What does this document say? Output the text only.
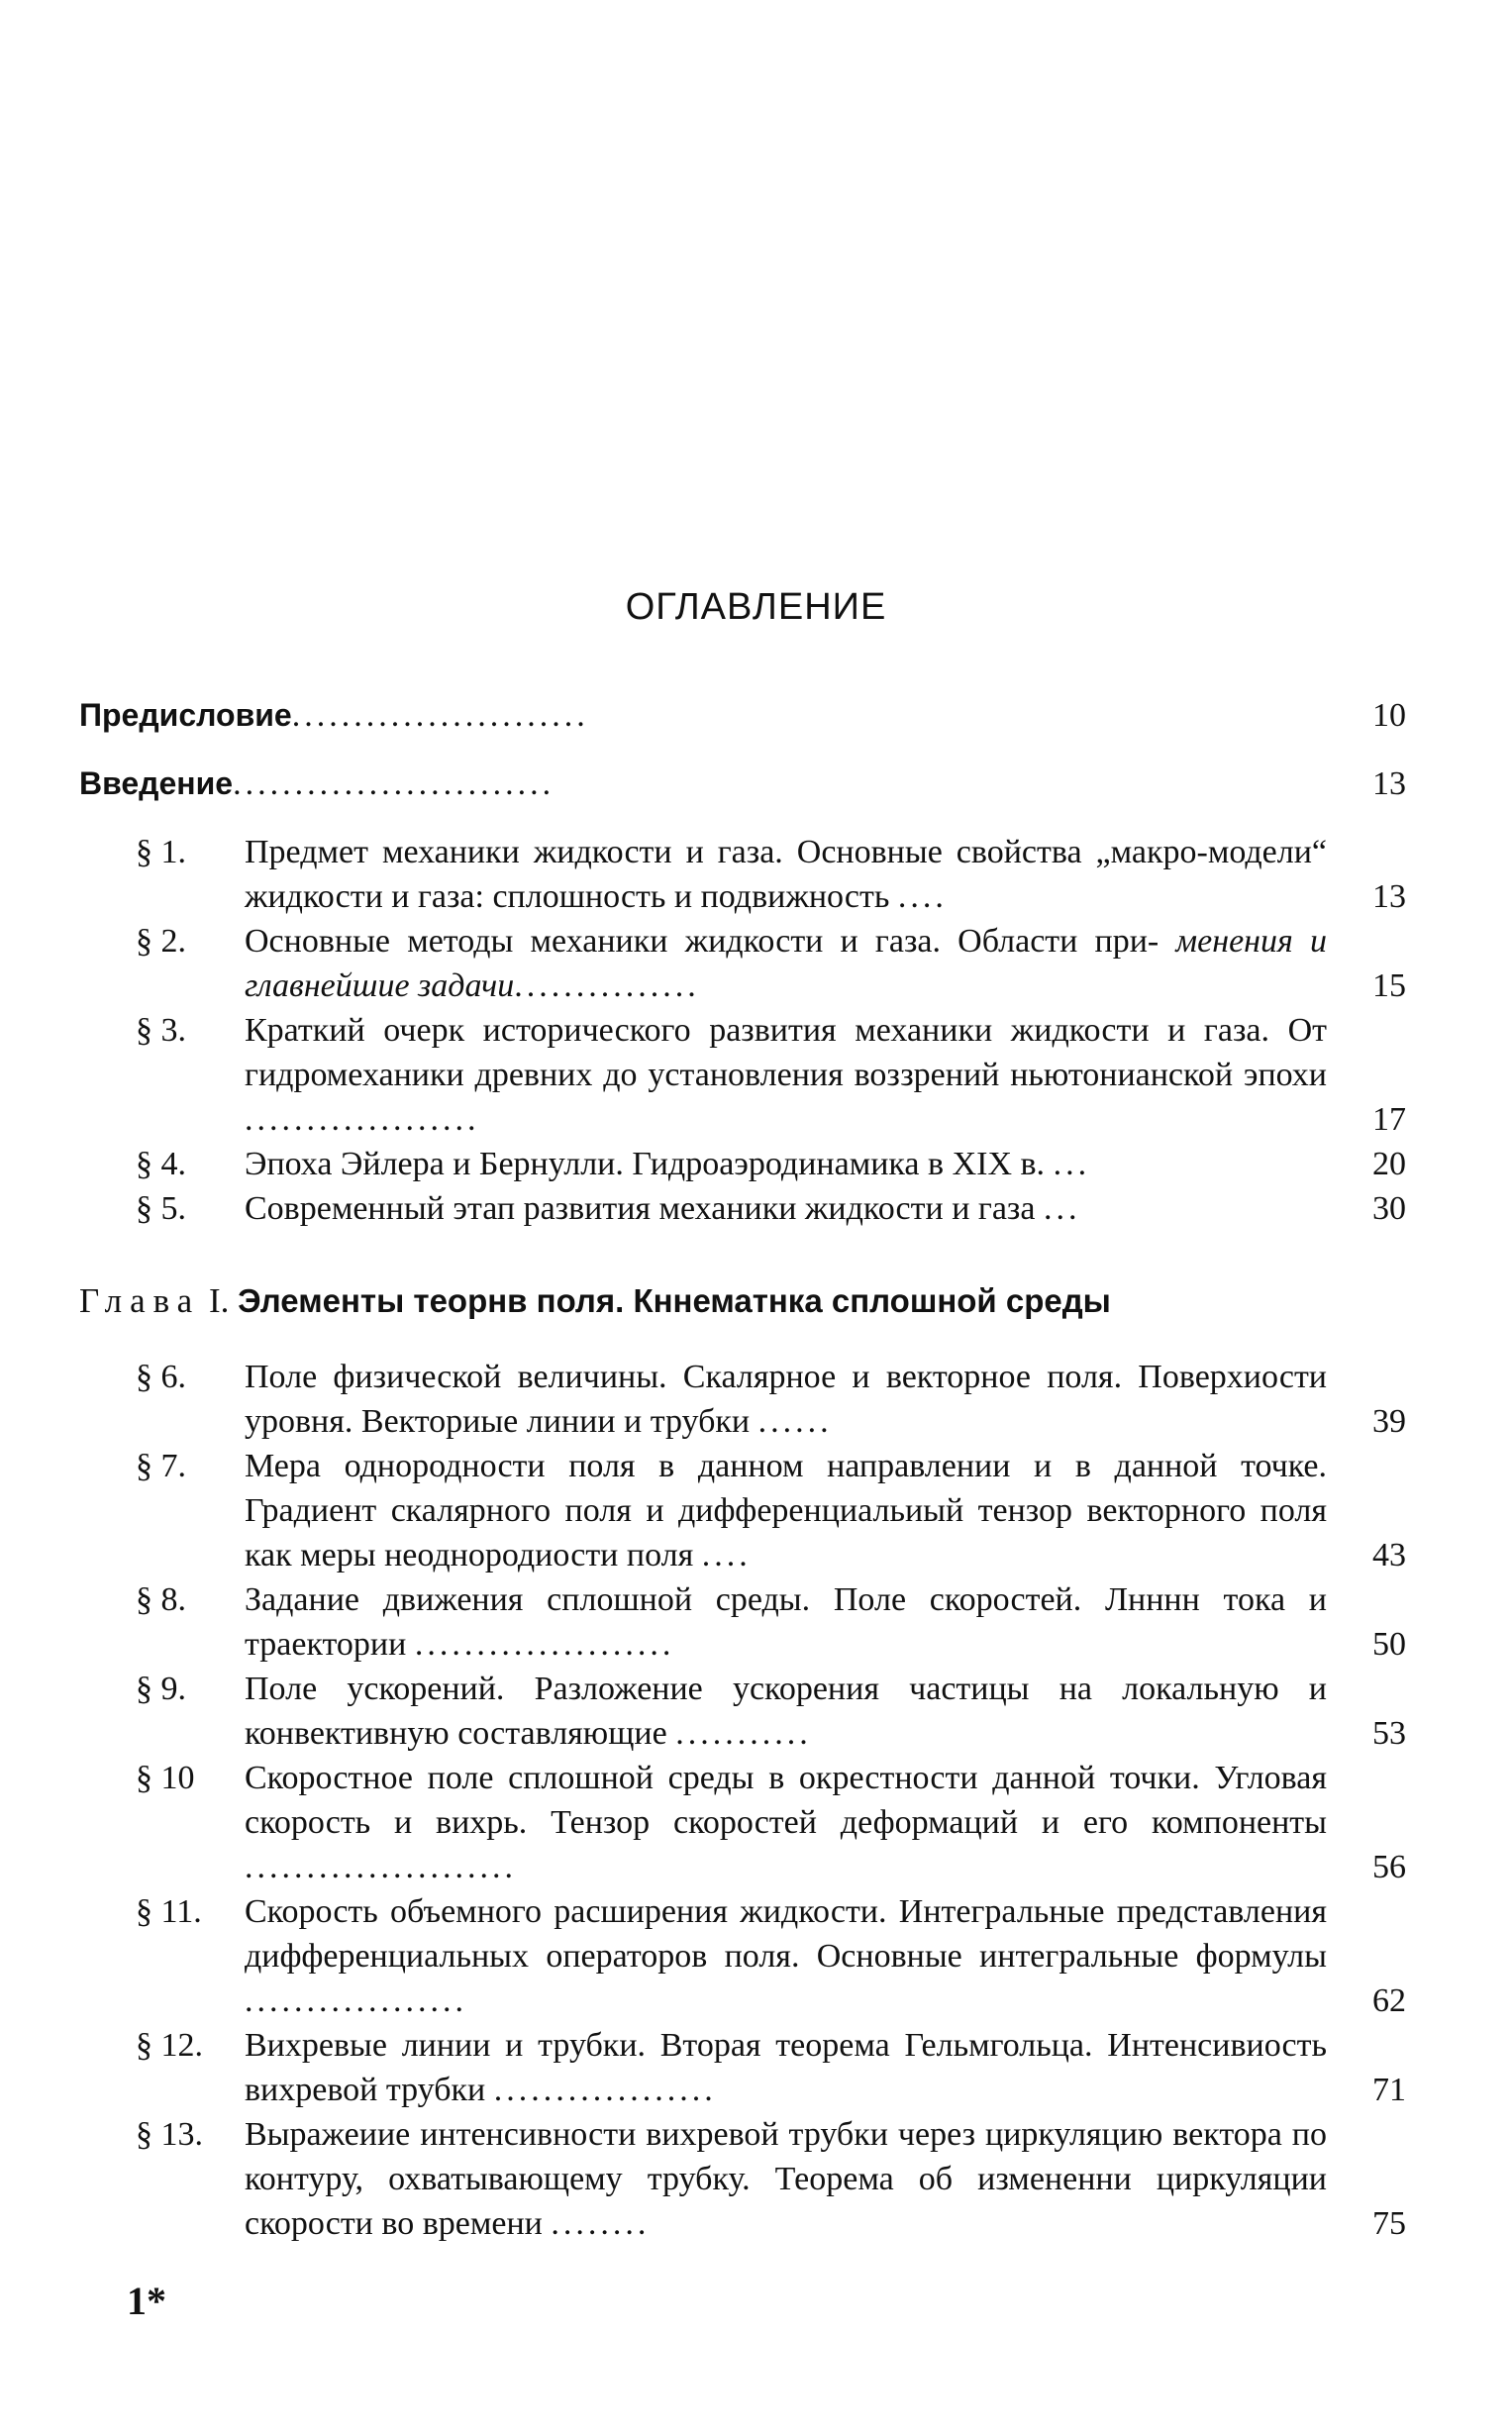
ОГЛАВЛЕНИЕ
Предисловие........................	10
Введение..........................	13
§ 1.	Предмет механики жидкости и газа. Основные свойства „макро-модели“ жидкости и газа: сплошность и подвижность ....	13
§ 2.	Основные методы механики жидкости и газа. Области при- менения и главнейшие задачи...............	15
§ 3.	Краткий очерк исторического развития механики жидкости и газа. От гидромеханики древних до установления воззрений ньютонианской эпохи ...................	17
§ 4.	Эпоха Эйлера и Бернулли. Гидроаэродинамика в XIX в. ...	20
§ 5.	Современный этап развития механики жидкости и газа ...	30
Глава I. Элементы теорнв поля. Кннематнка сплошной среды
§ 6.	Поле физической величины. Скалярное и векторное поля. Поверхиости уровня. Векториые линии и трубки ......	39
§ 7.	Мера однородности поля в данном направлении и в данной точке. Градиент скалярного поля и дифференциальиый тензор векторного поля как меры неоднородиости поля ....	43
§ 8.	Задание движения сплошной среды. Поле скоростей. Лнннн тока и траектории .....................	50
§ 9.	Поле ускорений. Разложение ускорения частицы на локальную и конвективную составляющие ...........	53
§ 10	Скоростное поле сплошной среды в окрестности данной точки. Угловая скорость и вихрь. Тензор скоростей деформаций и его компоненты ......................	56
§ 11.	Скорость объемного расширения жидкости. Интегральные представления дифференциальных операторов поля. Основные интегральные формулы ..................	62
§ 12.	Вихревые линии и трубки. Вторая теорема Гельмгольца. Интенсивиость вихревой трубки ..................	71
§ 13.	Выражеиие интенсивности вихревой трубки через циркуляцию вектора по контуру, охватывающему трубку. Теорема об измененни циркуляции скорости во времени ........	75
1*
